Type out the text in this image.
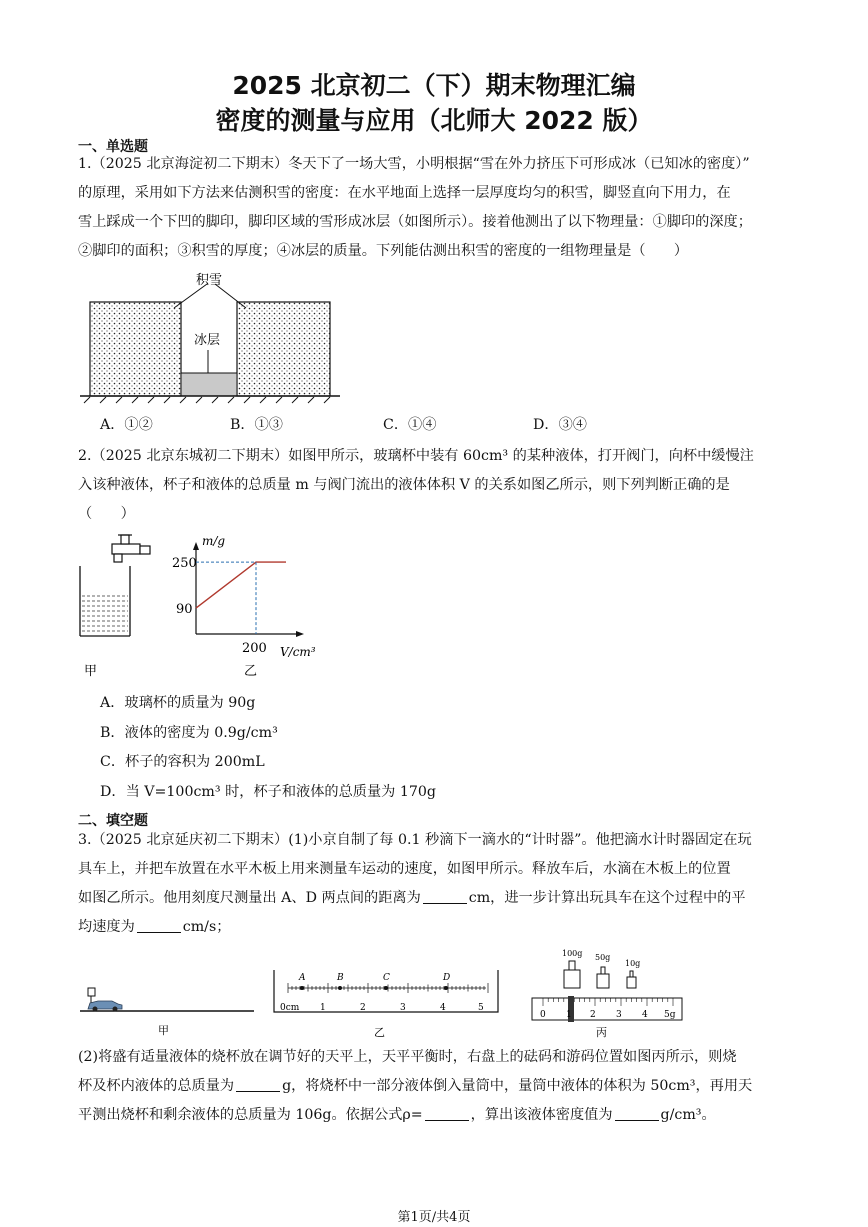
2025 北京初二（下）期末物理汇编
密度的测量与应用（北师大 2022 版）
一、单选题
1.（2025 北京海淀初二下期末）冬天下了一场大雪，小明根据“雪在外力挤压下可形成冰（已知冰的密度）”
的原理，采用如下方法来估测积雪的密度：在水平地面上选择一层厚度均匀的积雪，脚竖直向下用力，在
雪上踩成一个下凹的脚印，脚印区域的雪形成冰层（如图所示）。接着他测出了以下物理量：①脚印的深度；
②脚印的面积；③积雪的厚度；④冰层的质量。下列能估测出积雪的密度的一组物理量是（　　）
积雪
冰层
A．①②	B．①③	C．①④	D．③④
2.（2025 北京东城初二下期末）如图甲所示，玻璃杯中装有 60cm³ 的某种液体，打开阀门，向杯中缓慢注
入该种液体，杯子和液体的总质量 m 与阀门流出的液体体积 V 的关系如图乙所示，则下列判断正确的是
（　　）
甲
250
90
200
m/g
V/cm³
乙
A．玻璃杯的质量为 90g
B．液体的密度为 0.9g/cm³
C．杯子的容积为 200mL
D．当 V=100cm³ 时，杯子和液体的总质量为 170g
二、填空题
3.（2025 北京延庆初二下期末）(1)小京自制了每 0.1 秒滴下一滴水的“计时器”。他把滴水计时器固定在玩
具车上，并把车放置在水平木板上用来测量车运动的速度，如图甲所示。释放车后，水滴在木板上的位置
如图乙所示。他用刻度尺测量出 A、D 两点间的距离为	cm，进一步计算出玩具车在这个过程中的平
均速度为	cm/s；
甲
A	B	C	D
0cm 1	2	3	4	5
乙
100g 50g
10g
0 1 2 3 4 5g
丙
(2)将盛有适量液体的烧杯放在调节好的天平上，天平平衡时，右盘上的砝码和游码位置如图丙所示，则烧
杯及杯内液体的总质量为	g，将烧杯中一部分液体倒入量筒中，量筒中液体的体积为 50cm³，再用天
平测出烧杯和剩余液体的总质量为 106g。依据公式ρ=	，算出该液体密度值为	g/cm³。
第1页/共4页
